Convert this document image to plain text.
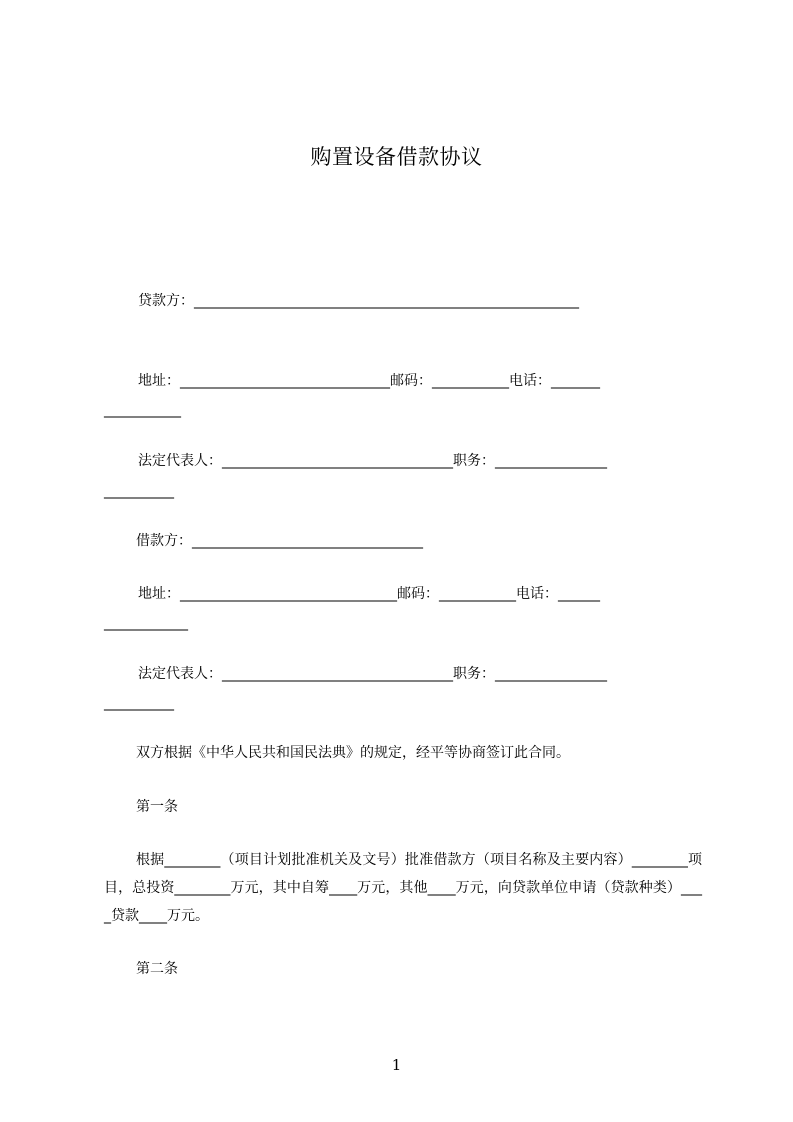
购置设备借款协议
贷款方：_______________________________________________________
地址：______________________________邮码：___________电话：_______
___________
法定代表人：_________________________________职务：________________
__________
借款方：_________________________________
地址：_______________________________邮码：___________电话：______
____________
法定代表人：_________________________________职务：________________
__________
双方根据《中华人民共和国民法典》的规定，经平等协商签订此合同。
第一条
根据________（项目计划批准机关及文号）批准借款方（项目名称及主要内容）________项目，总投资________万元，其中自筹____万元，其他____万元，向贷款单位申请（贷款种类）____贷款____万元。
第二条
1
